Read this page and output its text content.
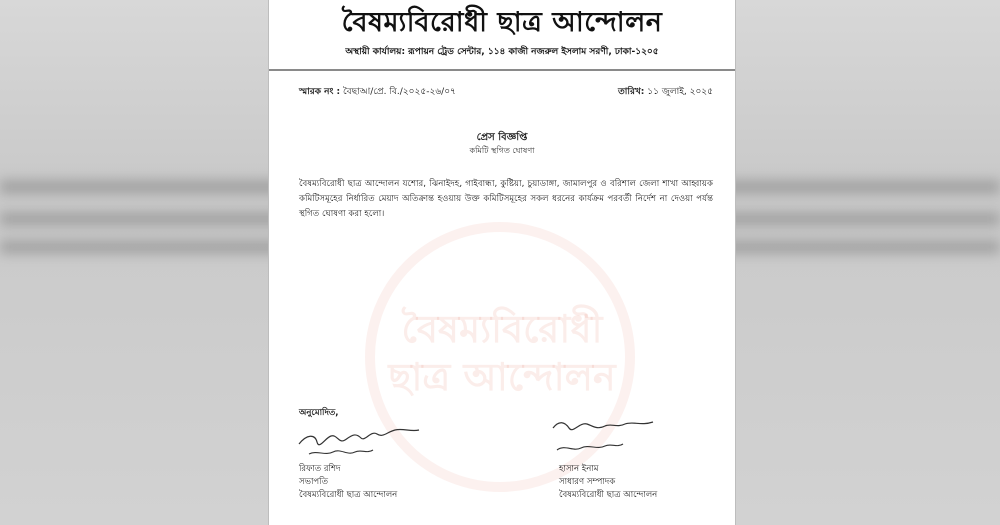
বৈষম্যবিরোধী
ছাত্র আন্দোলন
বৈষম্যবিরোধী ছাত্র আন্দোলন
অস্থায়ী কার্যালয়: রূপায়ন ট্রেড সেন্টার, ১১৪ কাজী নজরুল ইসলাম সরণী, ঢাকা-১২০৫
স্মারক নং : বৈছাআ/প্রে. বি./২০২৫-২৬/০৭	তারিখ: ১১ জুলাই, ২০২৫
প্রেস বিজ্ঞপ্তি
কমিটি স্থগিত ঘোষণা
বৈষম্যবিরোধী ছাত্র আন্দোলন যশোর, ঝিনাইদহ, গাইবান্ধা, কুষ্টিয়া, চুয়াডাঙ্গা, জামালপুর ও বরিশাল জেলা শাখা আহ্বায়ক কমিটিসমূহের নির্ধারিত মেয়াদ অতিক্রান্ত হওয়ায় উক্ত কমিটিসমূহের সকল ধরনের কার্যক্রম পরবর্তী নির্দেশ না দেওয়া পর্যন্ত স্থগিত ঘোষণা করা হলো।
অনুমোদিত,
রিফাত রশিদ
সভাপতি
বৈষম্যবিরোধী ছাত্র আন্দোলন
হাসান ইনাম
সাধারণ সম্পাদক
বৈষম্যবিরোধী ছাত্র আন্দোলন
